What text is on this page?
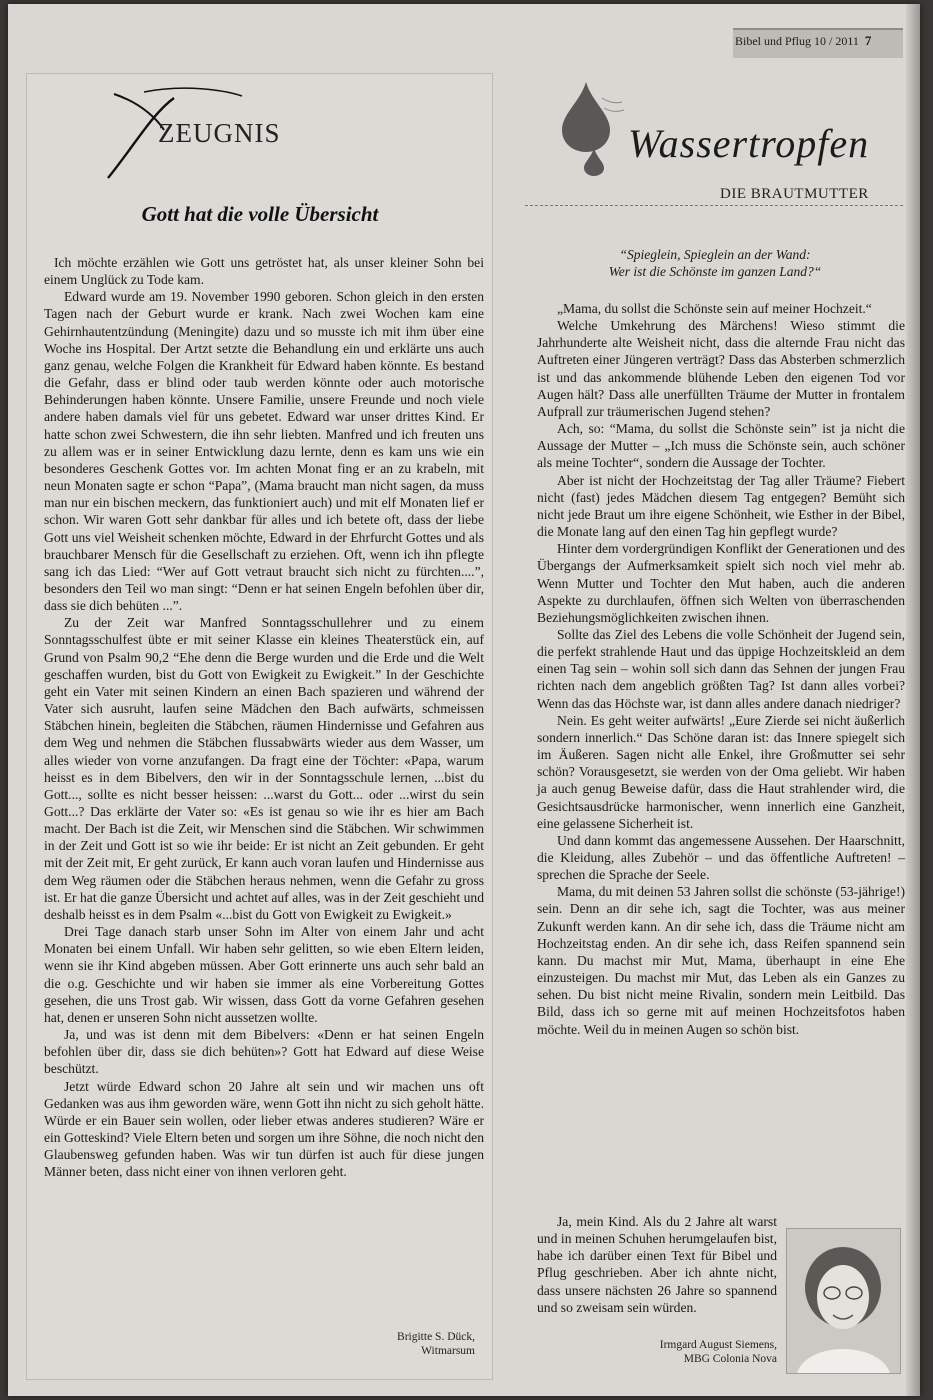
Bibel und Pflug 10 / 2011 7
ZEUGNIS
Gott hat die volle Übersicht

Ich möchte erzählen wie Gott uns getröstet hat, als unser kleiner Sohn bei einem Unglück zu Tode kam.

Edward wurde am 19. November 1990 geboren. Schon gleich in den ersten Tagen nach der Geburt wurde er krank. Nach zwei Wochen kam eine Gehirnhautentzündung (Meningite) dazu und so musste ich mit ihm über eine Woche ins Hospital. Der Artzt setzte die Behandlung ein und erklärte uns auch ganz genau, welche Folgen die Krankheit für Edward haben könnte. Es bestand die Gefahr, dass er blind oder taub werden könnte oder auch motorische Behinderungen haben könnte. Unsere Familie, unsere Freunde und noch viele andere haben damals viel für uns gebetet. Edward war unser drittes Kind. Er hatte schon zwei Schwestern, die ihn sehr liebten. Manfred und ich freuten uns zu allem was er in seiner Entwicklung dazu lernte, denn es kam uns wie ein besonderes Geschenk Gottes vor. Im achten Monat fing er an zu krabeln, mit neun Monaten sagte er schon “Papa”, (Mama braucht man nicht sagen, da muss man nur ein bischen meckern, das funktioniert auch) und mit elf Monaten lief er schon. Wir waren Gott sehr dankbar für alles und ich betete oft, dass der liebe Gott uns viel Weisheit schenken möchte, Edward in der Ehrfurcht Gottes und als brauchbarer Mensch für die Gesellschaft zu erziehen. Oft, wenn ich ihn pflegte sang ich das Lied: “Wer auf Gott vetraut braucht sich nicht zu fürchten....”, besonders den Teil wo man singt: “Denn er hat seinen Engeln befohlen über dir, dass sie dich behüten ...”.

Zu der Zeit war Manfred Sonntagsschullehrer und zu einem Sonntagsschulfest übte er mit seiner Klasse ein kleines Theaterstück ein, auf Grund von Psalm 90,2 “Ehe denn die Berge wurden und die Erde und die Welt geschaffen wurden, bist du Gott von Ewigkeit zu Ewigkeit.” In der Geschichte geht ein Vater mit seinen Kindern an einen Bach spazieren und während der Vater sich ausruht, laufen seine Mädchen den Bach aufwärts, schmeissen Stäbchen hinein, begleiten die Stäbchen, räumen Hindernisse und Gefahren aus dem Weg und nehmen die Stäbchen flussabwärts wieder aus dem Wasser, um alles wieder von vorne anzufangen. Da fragt eine der Töchter: «Papa, warum heisst es in dem Bibelvers, den wir in der Sonntagsschule lernen, ...bist du Gott..., sollte es nicht besser heissen: ...warst du Gott... oder ...wirst du sein Gott...? Das erklärte der Vater so: «Es ist genau so wie ihr es hier am Bach macht. Der Bach ist die Zeit, wir Menschen sind die Stäbchen. Wir schwimmen in der Zeit und Gott ist so wie ihr beide: Er ist nicht an Zeit gebunden. Er geht mit der Zeit mit, Er geht zurück, Er kann auch voran laufen und Hindernisse aus dem Weg räumen oder die Stäbchen heraus nehmen, wenn die Gefahr zu gross ist. Er hat die ganze Übersicht und achtet auf alles, was in der Zeit geschieht und deshalb heisst es in dem Psalm «...bist du Gott von Ewigkeit zu Ewigkeit.»

Drei Tage danach starb unser Sohn im Alter von einem Jahr und acht Monaten bei einem Unfall. Wir haben sehr gelitten, so wie eben Eltern leiden, wenn sie ihr Kind abgeben müssen. Aber Gott erinnerte uns auch sehr bald an die o.g. Geschichte und wir haben sie immer als eine Vorbereitung Gottes gesehen, die uns Trost gab. Wir wissen, dass Gott da vorne Gefahren gesehen hat, denen er unseren Sohn nicht aussetzen wollte.

Ja, und was ist denn mit dem Bibelvers: «Denn er hat seinen Engeln befohlen über dir, dass sie dich behüten»? Gott hat Edward auf diese Weise beschützt.

Jetzt würde Edward schon 20 Jahre alt sein und wir machen uns oft Gedanken was aus ihm geworden wäre, wenn Gott ihn nicht zu sich geholt hätte. Würde er ein Bauer sein wollen, oder lieber etwas anderes studieren? Wäre er ein Gotteskind? Viele Eltern beten und sorgen um ihre Söhne, die noch nicht den Glaubensweg gefunden haben. Was wir tun dürfen ist auch für diese jungen Männer beten, dass nicht einer von ihnen verloren geht.

Brigitte S. Dück,
Witmarsum
Wassertropfen
DIE BRAUTMUTTER
“Spieglein, Spieglein an der Wand:
Wer ist die Schönste im ganzen Land?“

„Mama, du sollst die Schönste sein auf meiner Hochzeit.“

Welche Umkehrung des Märchens! Wieso stimmt die Jahrhunderte alte Weisheit nicht, dass die alternde Frau nicht das Auftreten einer Jüngeren verträgt? Dass das Absterben schmerzlich ist und das ankommende blühende Leben den eigenen Tod vor Augen hält? Dass alle unerfüllten Träume der Mutter in frontalem Aufprall zur träumerischen Jugend stehen?

Ach, so: “Mama, du sollst die Schönste sein” ist ja nicht die Aussage der Mutter – „Ich muss die Schönste sein, auch schöner als meine Tochter“, sondern die Aussage der Tochter.

Aber ist nicht der Hochzeitstag der Tag aller Träume? Fiebert nicht (fast) jedes Mädchen diesem Tag entgegen? Bemüht sich nicht jede Braut um ihre eigene Schönheit, wie Esther in der Bibel, die Monate lang auf den einen Tag hin gepflegt wurde?

Hinter dem vordergründigen Konflikt der Generationen und des Übergangs der Aufmerksamkeit spielt sich noch viel mehr ab. Wenn Mutter und Tochter den Mut haben, auch die anderen Aspekte zu durchlaufen, öffnen sich Welten von überraschenden Beziehungsmöglichkeiten zwischen ihnen.

Sollte das Ziel des Lebens die volle Schönheit der Jugend sein, die perfekt strahlende Haut und das üppige Hochzeitskleid an dem einen Tag sein – wohin soll sich dann das Sehnen der jungen Frau richten nach dem angeblich größten Tag? Ist dann alles vorbei? Wenn das das Höchste war, ist dann alles andere danach niedriger?

Nein. Es geht weiter aufwärts! „Eure Zierde sei nicht äußerlich sondern innerlich.“ Das Schöne daran ist: das Innere spiegelt sich im Äußeren. Sagen nicht alle Enkel, ihre Großmutter sei sehr schön? Vorausgesetzt, sie werden von der Oma geliebt. Wir haben ja auch genug Beweise dafür, dass die Haut strahlender wird, die Gesichtsausdrücke harmonischer, wenn innerlich eine Ganzheit, eine gelassene Sicherheit ist.

Und dann kommt das angemessene Aussehen. Der Haarschnitt, die Kleidung, alles Zubehör – und das öffentliche Auftreten! – sprechen die Sprache der Seele.

Mama, du mit deinen 53 Jahren sollst die schönste (53-jährige!) sein. Denn an dir sehe ich, sagt die Tochter, was aus meiner Zukunft werden kann. An dir sehe ich, dass die Träume nicht am Hochzeitstag enden. An dir sehe ich, dass Reifen spannend sein kann. Du machst mir Mut, Mama, überhaupt in eine Ehe einzusteigen. Du machst mir Mut, das Leben als ein Ganzes zu sehen. Du bist nicht meine Rivalin, sondern mein Leitbild. Das Bild, dass ich so gerne mit auf meinen Hochzeitsfotos haben möchte. Weil du in meinen Augen so schön bist.

Ja, mein Kind. Als du 2 Jahre alt warst und in meinen Schuhen herumgelaufen bist, habe ich darüber einen Text für Bibel und Pflug geschrieben. Aber ich ahnte nicht, dass unsere nächsten 26 Jahre so spannend und so zweisam sein würden.

Irmgard August Siemens,
MBG Colonia Nova
